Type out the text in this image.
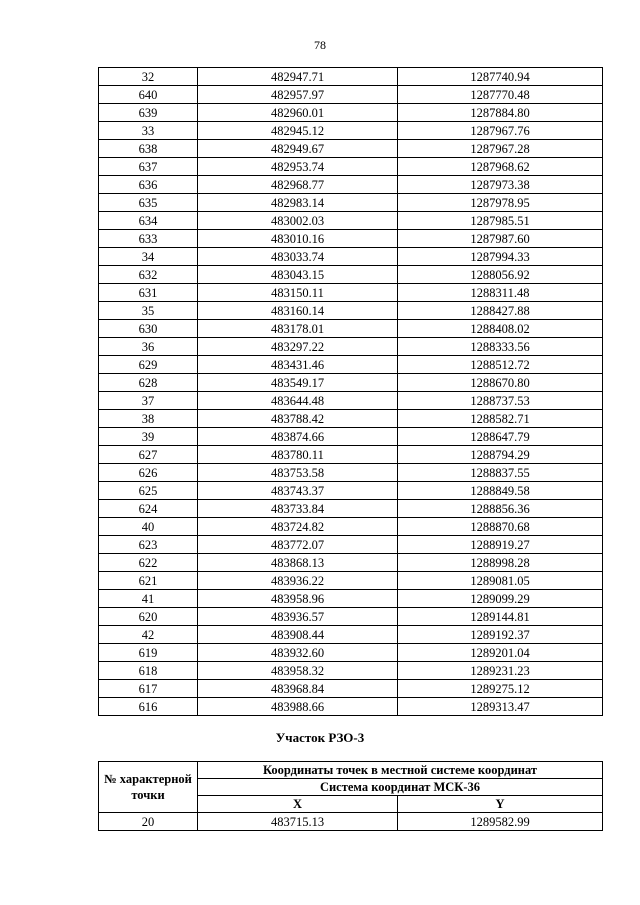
78
32	482947.71	1287740.94
640	482957.97	1287770.48
639	482960.01	1287884.80
33	482945.12	1287967.76
638	482949.67	1287967.28
637	482953.74	1287968.62
636	482968.77	1287973.38
635	482983.14	1287978.95
634	483002.03	1287985.51
633	483010.16	1287987.60
34	483033.74	1287994.33
632	483043.15	1288056.92
631	483150.11	1288311.48
35	483160.14	1288427.88
630	483178.01	1288408.02
36	483297.22	1288333.56
629	483431.46	1288512.72
628	483549.17	1288670.80
37	483644.48	1288737.53
38	483788.42	1288582.71
39	483874.66	1288647.79
627	483780.11	1288794.29
626	483753.58	1288837.55
625	483743.37	1288849.58
624	483733.84	1288856.36
40	483724.82	1288870.68
623	483772.07	1288919.27
622	483868.13	1288998.28
621	483936.22	1289081.05
41	483958.96	1289099.29
620	483936.57	1289144.81
42	483908.44	1289192.37
619	483932.60	1289201.04
618	483958.32	1289231.23
617	483968.84	1289275.12
616	483988.66	1289313.47
Участок РЗО-3
№ характерной точки	Координаты точек в местной системе координат	
	Система координат МСК-36	
	X	Y
20	483715.13	1289582.99
